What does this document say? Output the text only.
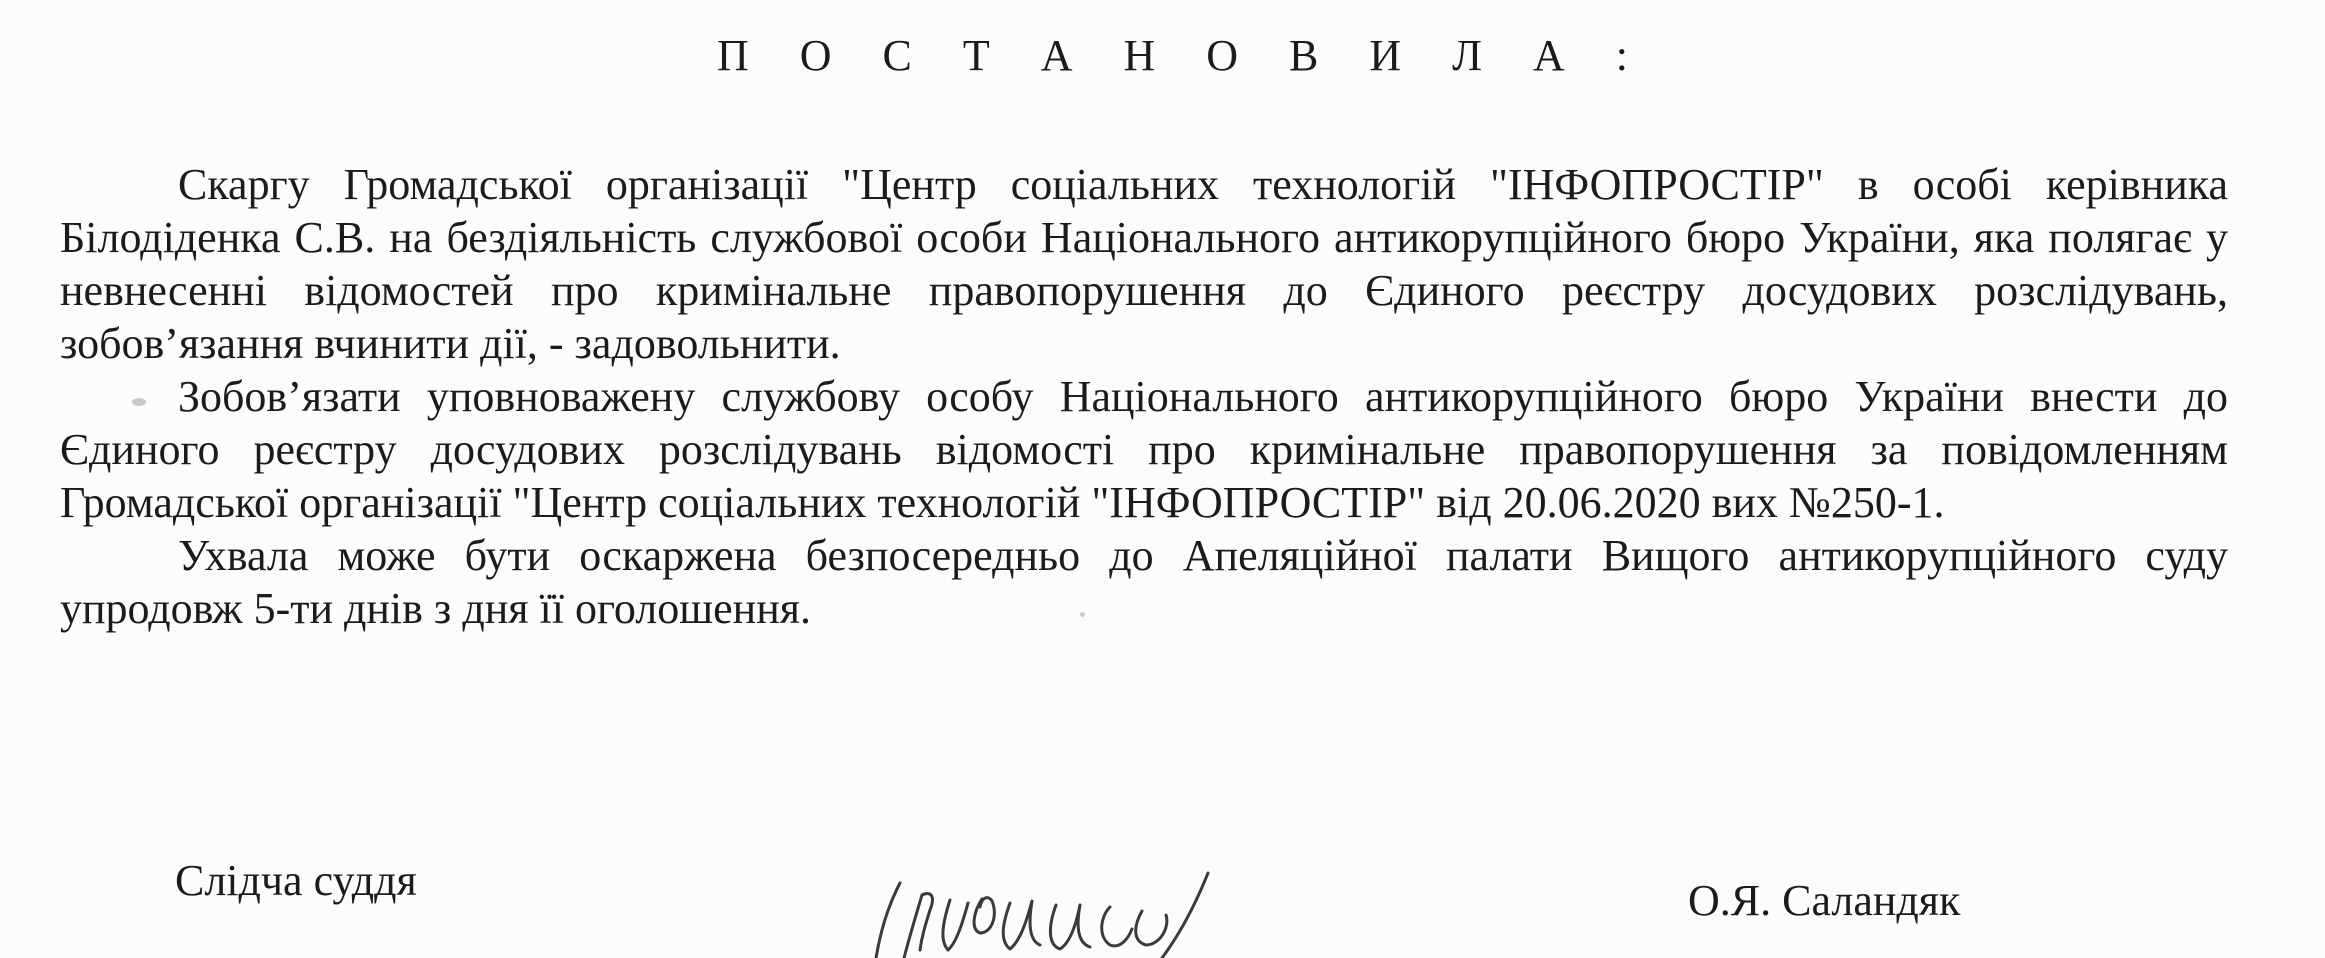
П О С Т А Н О В И Л А :

Скаргу Громадської організації "Центр соціальних технологій "ІНФОПРОСТІР" в особі керівника Білодіденка С.В. на бездіяльність службової особи Національного антикорупційного бюро України, яка полягає у невнесенні відомостей про кримінальне правопорушення до Єдиного реєстру досудових розслідувань, зобов’язання вчинити дії, - задовольнити.

Зобов’язати уповноважену службову особу Національного антикорупційного бюро України внести до Єдиного реєстру досудових розслідувань відомості про кримінальне правопорушення за повідомленням Громадської організації "Центр соціальних технологій "ІНФОПРОСТІР" від 20.06.2020 вих №250-1.

Ухвала може бути оскаржена безпосередньо до Апеляційної палати Вищого антикорупційного суду упродовж 5-ти днів з дня її оголошення.

Слідча суддя	О.Я. Саландяк
